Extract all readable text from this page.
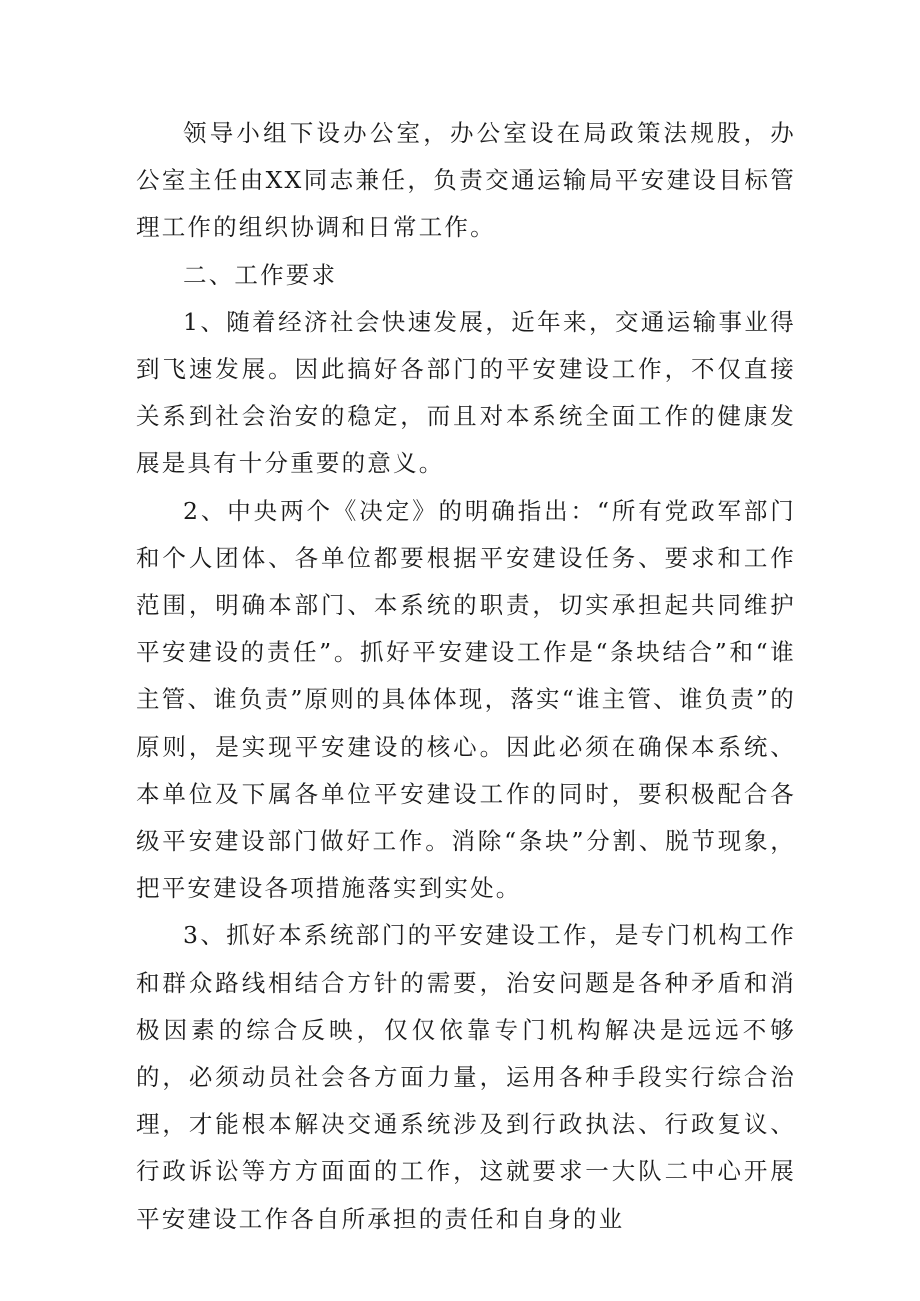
领导小组下设办公室，办公室设在局政策法规股，办公室主任由XX同志兼任，负责交通运输局平安建设目标管理工作的组织协调和日常工作。

二、工作要求

1、随着经济社会快速发展，近年来，交通运输事业得到飞速发展。因此搞好各部门的平安建设工作，不仅直接关系到社会治安的稳定，而且对本系统全面工作的健康发展是具有十分重要的意义。

2、中央两个《决定》的明确指出：“所有党政军部门和个人团体、各单位都要根据平安建设任务、要求和工作范围，明确本部门、本系统的职责，切实承担起共同维护平安建设的责任”。抓好平安建设工作是“条块结合”和“谁主管、谁负责”原则的具体体现，落实“谁主管、谁负责”的原则，是实现平安建设的核心。因此必须在确保本系统、本单位及下属各单位平安建设工作的同时，要积极配合各级平安建设部门做好工作。消除“条块”分割、脱节现象，把平安建设各项措施落实到实处。

3、抓好本系统部门的平安建设工作，是专门机构工作和群众路线相结合方针的需要，治安问题是各种矛盾和消极因素的综合反映，仅仅依靠专门机构解决是远远不够的，必须动员社会各方面力量，运用各种手段实行综合治理，才能根本解决交通系统涉及到行政执法、行政复议、行政诉讼等方方面面的工作，这就要求一大队二中心开展平安建设工作各自所承担的责任和自身的业
